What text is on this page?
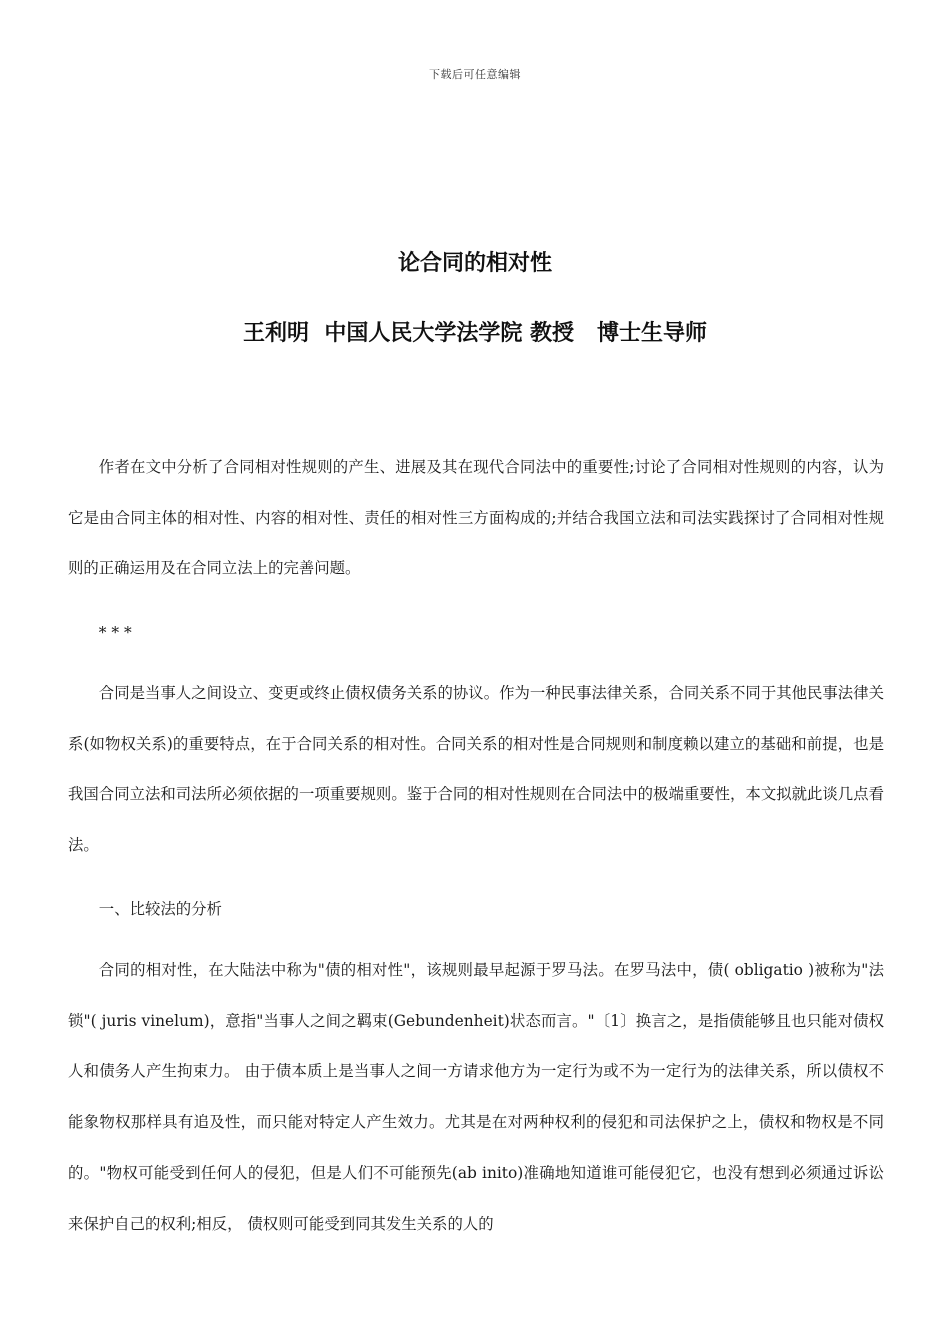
下载后可任意编辑
论合同的相对性
王利明  中国人民大学法学院 教授   博士生导师

作者在文中分析了合同相对性规则的产生、进展及其在现代合同法中的重要性;讨论了合同相对性规则的内容，认为它是由合同主体的相对性、内容的相对性、责任的相对性三方面构成的;并结合我国立法和司法实践探讨了合同相对性规则的正确运用及在合同立法上的完善问题。

* * *

合同是当事人之间设立、变更或终止债权债务关系的协议。作为一种民事法律关系，合同关系不同于其他民事法律关系(如物权关系)的重要特点，在于合同关系的相对性。合同关系的相对性是合同规则和制度赖以建立的基础和前提，也是我国合同立法和司法所必须依据的一项重要规则。鉴于合同的相对性规则在合同法中的极端重要性，本文拟就此谈几点看法。

一、比较法的分析

合同的相对性，在大陆法中称为"债的相对性"，该规则最早起源于罗马法。在罗马法中，债( obligatio )被称为"法锁"( juris vinelum)，意指"当事人之间之羁束(Gebundenheit)状态而言。"〔1〕换言之，是指债能够且也只能对债权人和债务人产生拘束力。 由于债本质上是当事人之间一方请求他方为一定行为或不为一定行为的法律关系，所以债权不能象物权那样具有追及性，而只能对特定人产生效力。尤其是在对两种权利的侵犯和司法保护之上，债权和物权是不同的。"物权可能受到任何人的侵犯，但是人们不可能预先(ab inito)准确地知道谁可能侵犯它，也没有想到必须通过诉讼来保护自己的权利;相反， 债权则可能受到同其发生关系的人的
